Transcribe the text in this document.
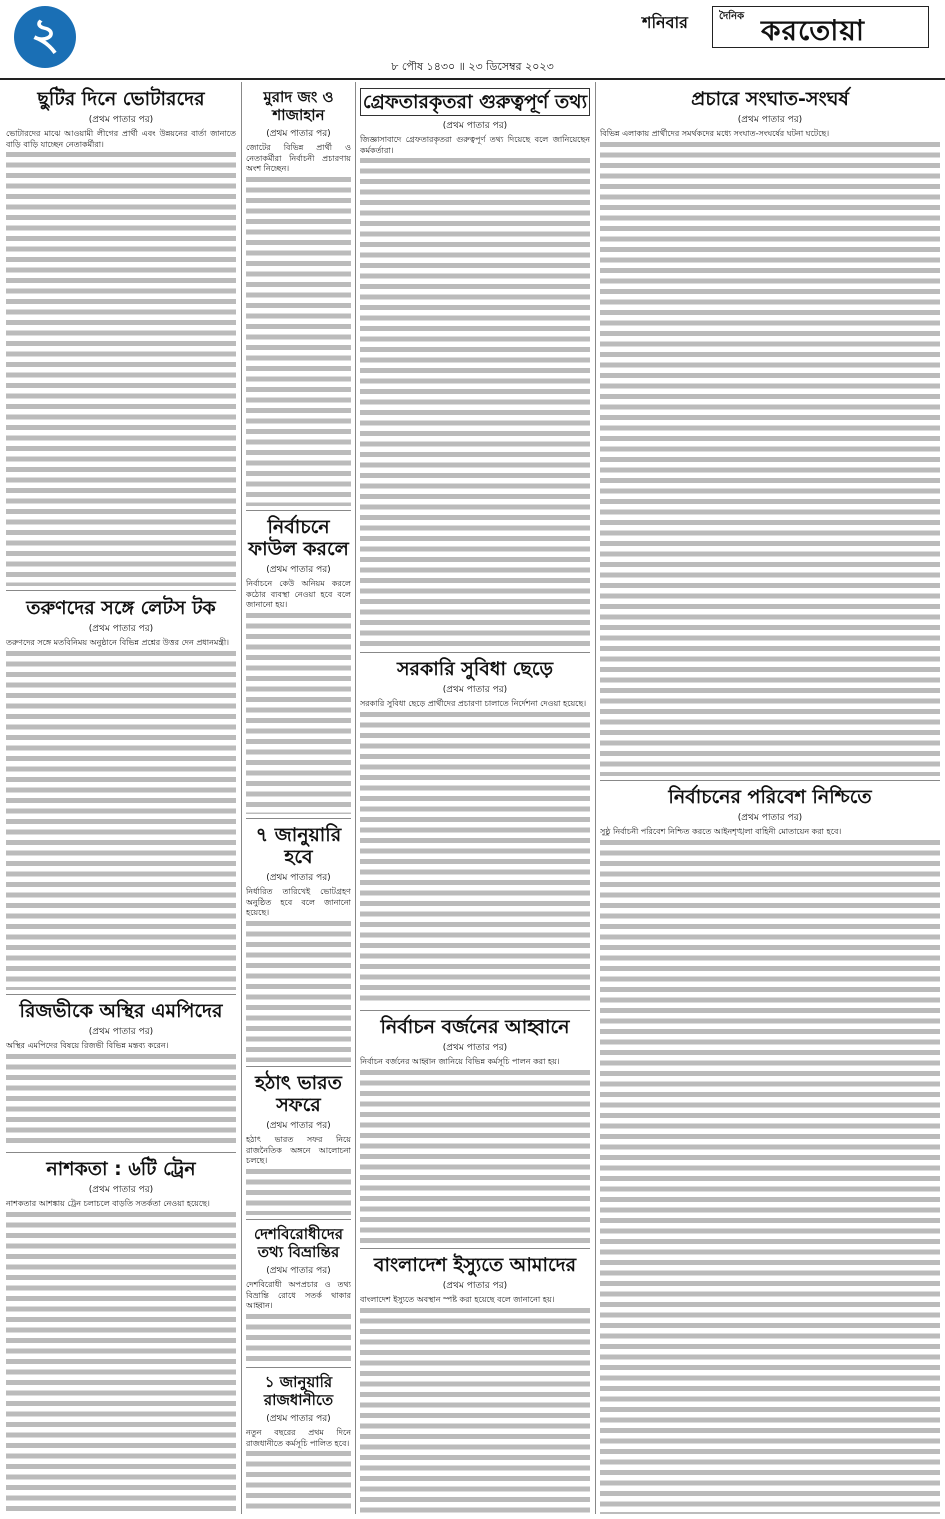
২	শনিবার	দৈনিক করতোয়া
৮ পৌষ ১৪৩০ ॥ ২৩ ডিসেম্বর ২০২৩
ছুটির দিনে ভোটারদের
(প্রথম পাতার পর)
ভোটারদের মাঝে আওয়ামী লীগের প্রার্থী এবং উন্নয়নের বার্তা জানাতে বাড়ি বাড়ি যাচ্ছেন নেতাকর্মীরা।
মুরাদ জং ও শাজাহান
(প্রথম পাতার পর)
জোটের বিভিন্ন প্রার্থী ও নেতাকর্মীরা নির্বাচনী প্রচারণায় অংশ নিচ্ছেন।
গ্রেফতারকৃতরা গুরুত্বপূর্ণ তথ্য
(প্রথম পাতার পর)
জিজ্ঞাসাবাদে গ্রেফতারকৃতরা গুরুত্বপূর্ণ তথ্য দিয়েছে বলে জানিয়েছেন কর্মকর্তারা।
প্রচারে সংঘাত-সংঘর্ষ
(প্রথম পাতার পর)
বিভিন্ন এলাকায় প্রার্থীদের সমর্থকদের মধ্যে সংঘাত-সংঘর্ষের ঘটনা ঘটেছে।
তরুণদের সঙ্গে লেটস টক
(প্রথম পাতার পর)
তরুণদের সঙ্গে মতবিনিময় অনুষ্ঠানে বিভিন্ন প্রশ্নের উত্তর দেন প্রধানমন্ত্রী।
নির্বাচনে ফাউল করলে
(প্রথম পাতার পর)
নির্বাচনে কেউ অনিয়ম করলে কঠোর ব্যবস্থা নেওয়া হবে বলে জানানো হয়।
সরকারি সুবিধা ছেড়ে
(প্রথম পাতার পর)
সরকারি সুবিধা ছেড়ে প্রার্থীদের প্রচারণা চালাতে নির্দেশনা দেওয়া হয়েছে।
রিজভীকে অস্থির এমপিদের
(প্রথম পাতার পর)
অস্থির এমপিদের বিষয়ে রিজভী বিভিন্ন মন্তব্য করেন।
৭ জানুয়ারি হবে
(প্রথম পাতার পর)
নির্ধারিত তারিখেই ভোটগ্রহণ অনুষ্ঠিত হবে বলে জানানো হয়েছে।
নির্বাচন বর্জনের আহ্বানে
(প্রথম পাতার পর)
নির্বাচন বর্জনের আহ্বান জানিয়ে বিভিন্ন কর্মসূচি পালন করা হয়।
নির্বাচনের পরিবেশ নিশ্চিতে
(প্রথম পাতার পর)
সুষ্ঠু নির্বাচনী পরিবেশ নিশ্চিত করতে আইনশৃঙ্খলা বাহিনী মোতায়েন করা হবে।
নাশকতা : ৬টি ট্রেন
(প্রথম পাতার পর)
নাশকতার আশঙ্কায় ট্রেন চলাচলে বাড়তি সতর্কতা নেওয়া হয়েছে।
হঠাৎ ভারত সফরে
(প্রথম পাতার পর)
হঠাৎ ভারত সফর নিয়ে রাজনৈতিক অঙ্গনে আলোচনা চলছে।
দেশবিরোধীদের তথ্য বিভ্রান্তির
(প্রথম পাতার পর)
দেশবিরোধী অপপ্রচার ও তথ্য বিভ্রান্তি রোধে সতর্ক থাকার আহ্বান।
বাংলাদেশ ইস্যুতে আমাদের
(প্রথম পাতার পর)
বাংলাদেশ ইস্যুতে অবস্থান স্পষ্ট করা হয়েছে বলে জানানো হয়।
১ জানুয়ারি রাজধানীতে
(প্রথম পাতার পর)
নতুন বছরের প্রথম দিনে রাজধানীতে কর্মসূচি পালিত হবে।
